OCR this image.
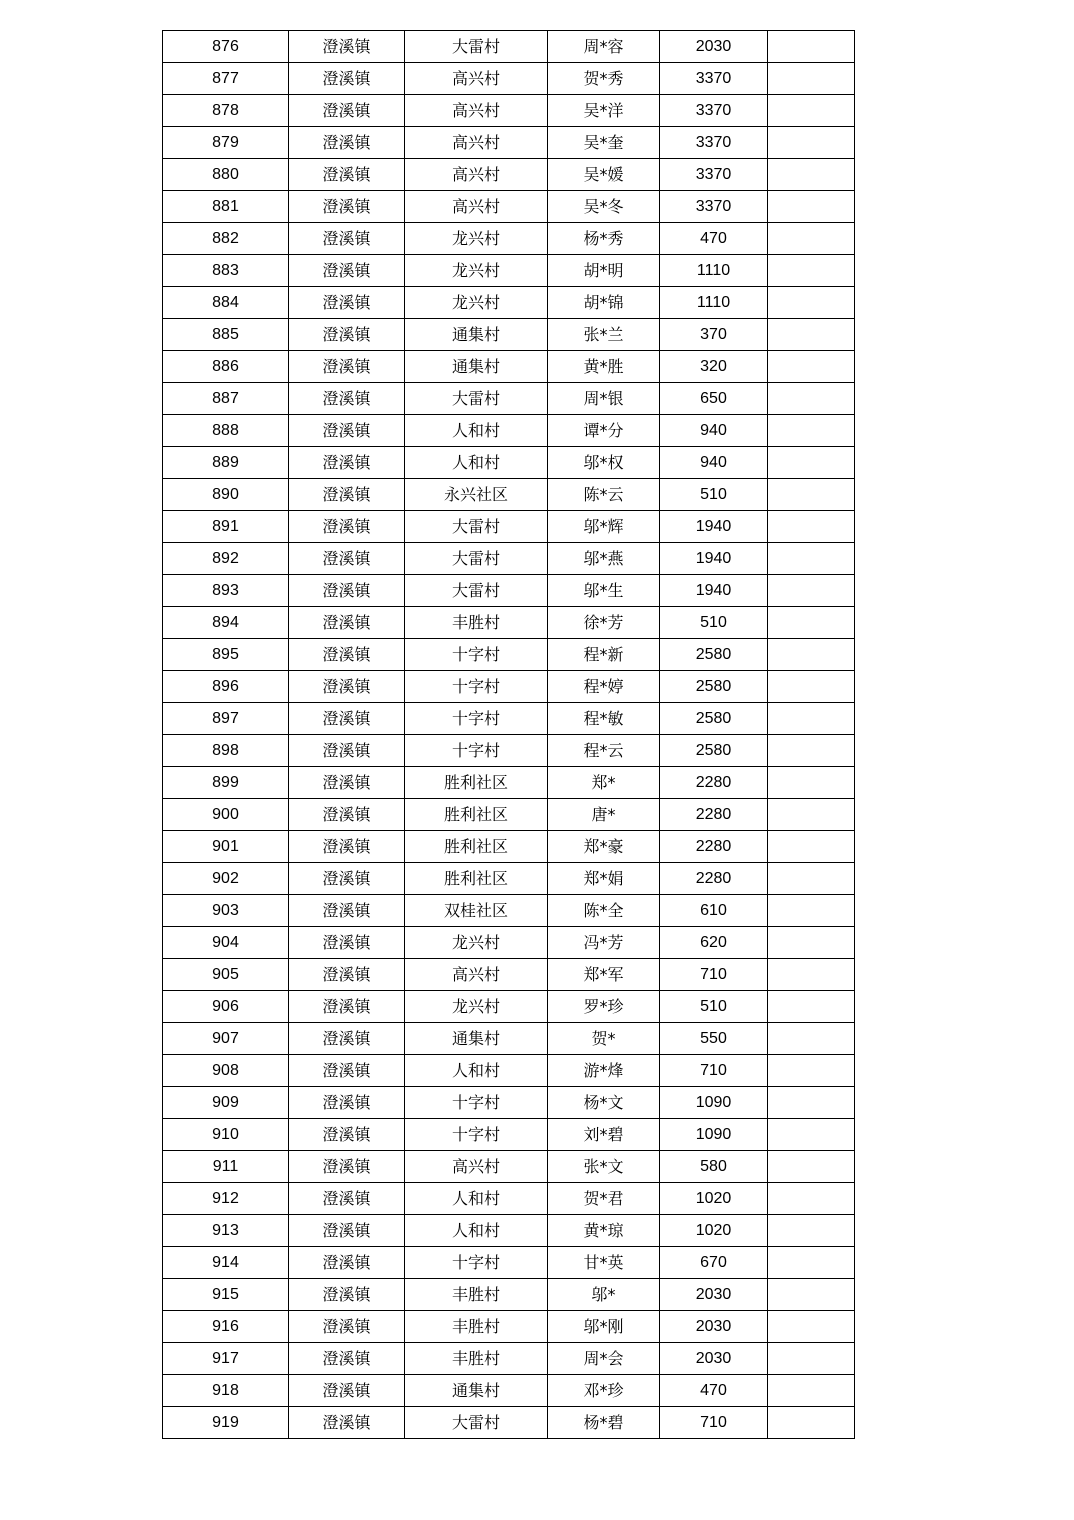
876	澄溪镇	大雷村	周*容	2030	
877	澄溪镇	高兴村	贺*秀	3370	
878	澄溪镇	高兴村	吴*洋	3370	
879	澄溪镇	高兴村	吴*奎	3370	
880	澄溪镇	高兴村	吴*媛	3370	
881	澄溪镇	高兴村	吴*冬	3370	
882	澄溪镇	龙兴村	杨*秀	470	
883	澄溪镇	龙兴村	胡*明	1110	
884	澄溪镇	龙兴村	胡*锦	1110	
885	澄溪镇	通集村	张*兰	370	
886	澄溪镇	通集村	黄*胜	320	
887	澄溪镇	大雷村	周*银	650	
888	澄溪镇	人和村	谭*分	940	
889	澄溪镇	人和村	邬*权	940	
890	澄溪镇	永兴社区	陈*云	510	
891	澄溪镇	大雷村	邬*辉	1940	
892	澄溪镇	大雷村	邬*燕	1940	
893	澄溪镇	大雷村	邬*生	1940	
894	澄溪镇	丰胜村	徐*芳	510	
895	澄溪镇	十字村	程*新	2580	
896	澄溪镇	十字村	程*婷	2580	
897	澄溪镇	十字村	程*敏	2580	
898	澄溪镇	十字村	程*云	2580	
899	澄溪镇	胜利社区	郑*	2280	
900	澄溪镇	胜利社区	唐*	2280	
901	澄溪镇	胜利社区	郑*豪	2280	
902	澄溪镇	胜利社区	郑*娟	2280	
903	澄溪镇	双桂社区	陈*全	610	
904	澄溪镇	龙兴村	冯*芳	620	
905	澄溪镇	高兴村	郑*军	710	
906	澄溪镇	龙兴村	罗*珍	510	
907	澄溪镇	通集村	贺*	550	
908	澄溪镇	人和村	游*烽	710	
909	澄溪镇	十字村	杨*文	1090	
910	澄溪镇	十字村	刘*碧	1090	
911	澄溪镇	高兴村	张*文	580	
912	澄溪镇	人和村	贺*君	1020	
913	澄溪镇	人和村	黄*琼	1020	
914	澄溪镇	十字村	甘*英	670	
915	澄溪镇	丰胜村	邬*	2030	
916	澄溪镇	丰胜村	邬*刚	2030	
917	澄溪镇	丰胜村	周*会	2030	
918	澄溪镇	通集村	邓*珍	470	
919	澄溪镇	大雷村	杨*碧	710	
